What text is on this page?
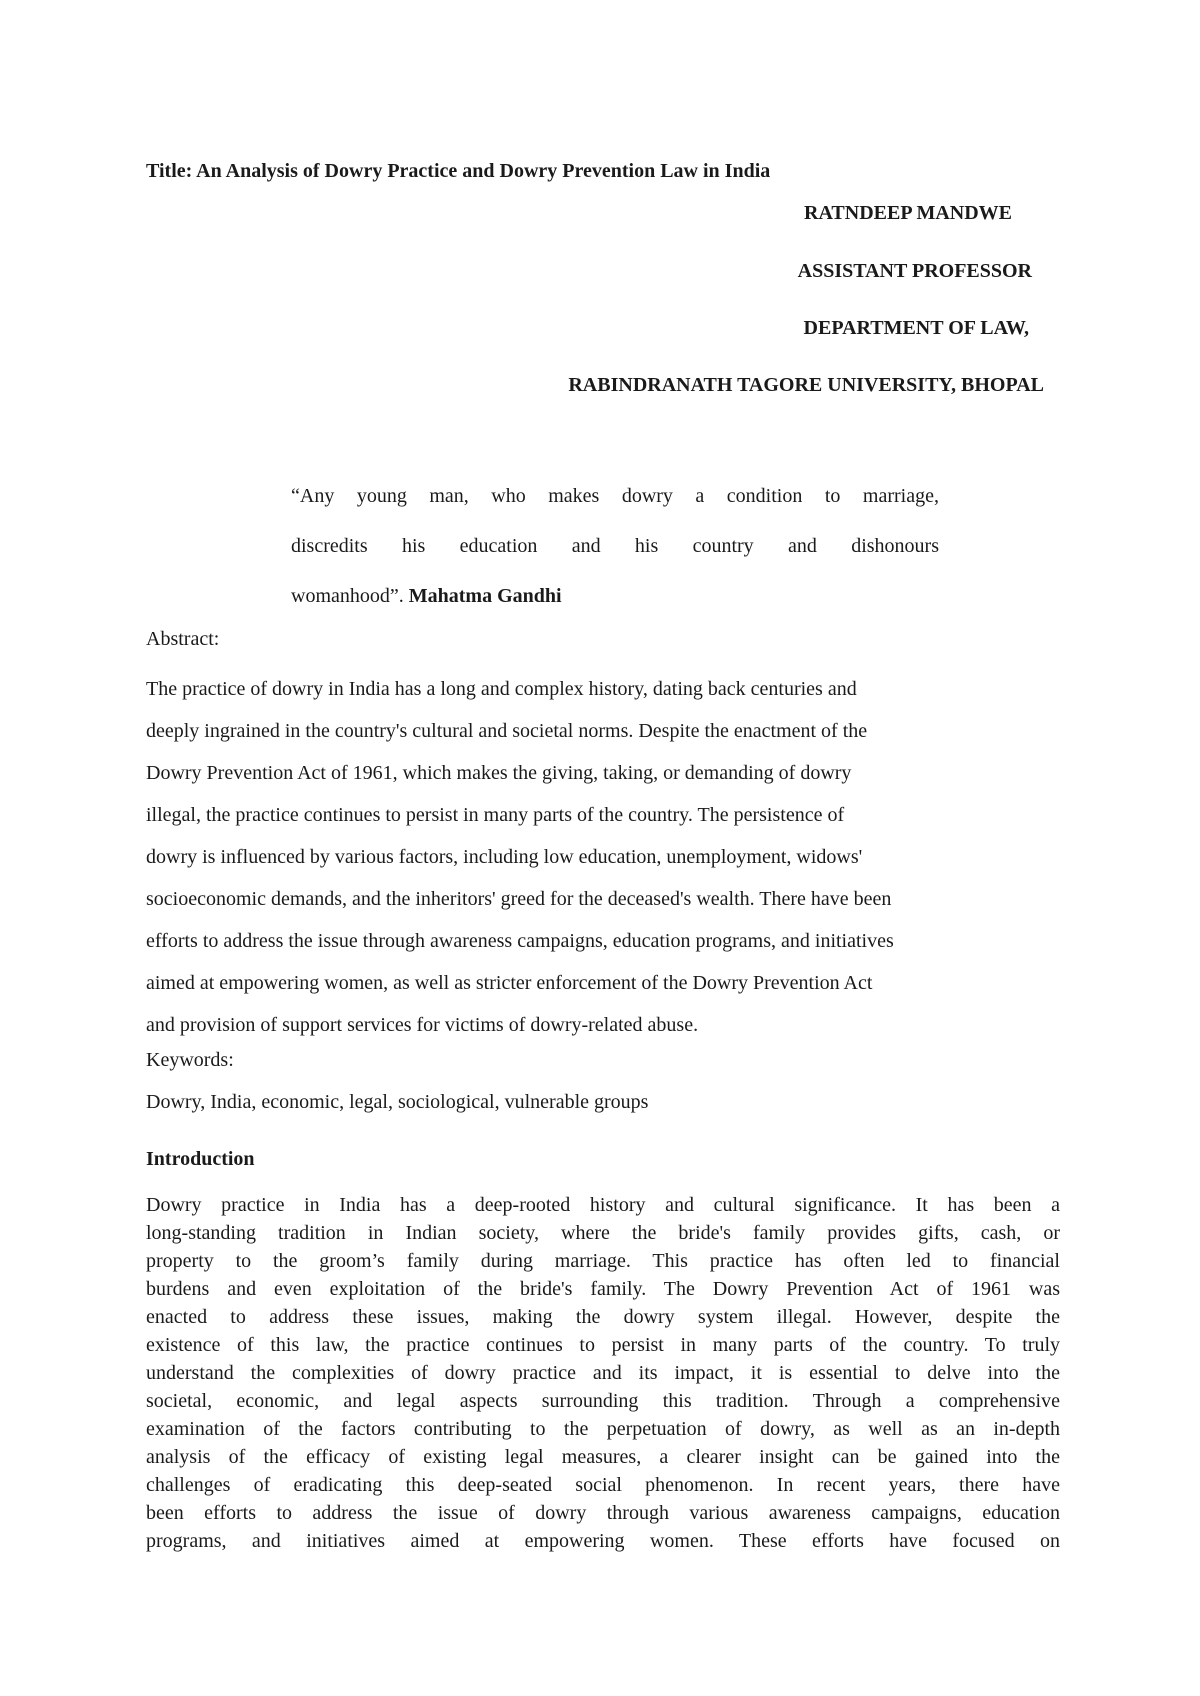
Title: An Analysis of Dowry Practice and Dowry Prevention Law in India
RATNDEEP MANDWE
ASSISTANT PROFESSOR
DEPARTMENT OF LAW,
RABINDRANATH TAGORE UNIVERSITY, BHOPAL
“Any young man, who makes dowry a condition to marriage,
discredits his education and his country and dishonours
womanhood”. Mahatma Gandhi
Abstract:
The practice of dowry in India has a long and complex history, dating back centuries and
deeply ingrained in the country's cultural and societal norms. Despite the enactment of the
Dowry Prevention Act of 1961, which makes the giving, taking, or demanding of dowry
illegal, the practice continues to persist in many parts of the country. The persistence of
dowry is influenced by various factors, including low education, unemployment, widows'
socioeconomic demands, and the inheritors' greed for the deceased's wealth. There have been
efforts to address the issue through awareness campaigns, education programs, and initiatives
aimed at empowering women, as well as stricter enforcement of the Dowry Prevention Act
and provision of support services for victims of dowry-related abuse.
Keywords:
Dowry, India, economic, legal, sociological, vulnerable groups
Introduction
Dowry practice in India has a deep-rooted history and cultural significance. It has been a
long-standing tradition in Indian society, where the bride's family provides gifts, cash, or
property to the groom’s family during marriage. This practice has often led to financial
burdens and even exploitation of the bride's family. The Dowry Prevention Act of 1961 was
enacted to address these issues, making the dowry system illegal. However, despite the
existence of this law, the practice continues to persist in many parts of the country. To truly
understand the complexities of dowry practice and its impact, it is essential to delve into the
societal, economic, and legal aspects surrounding this tradition. Through a comprehensive
examination of the factors contributing to the perpetuation of dowry, as well as an in-depth
analysis of the efficacy of existing legal measures, a clearer insight can be gained into the
challenges of eradicating this deep-seated social phenomenon. In recent years, there have
been efforts to address the issue of dowry through various awareness campaigns, education
programs, and initiatives aimed at empowering women. These efforts have focused on
